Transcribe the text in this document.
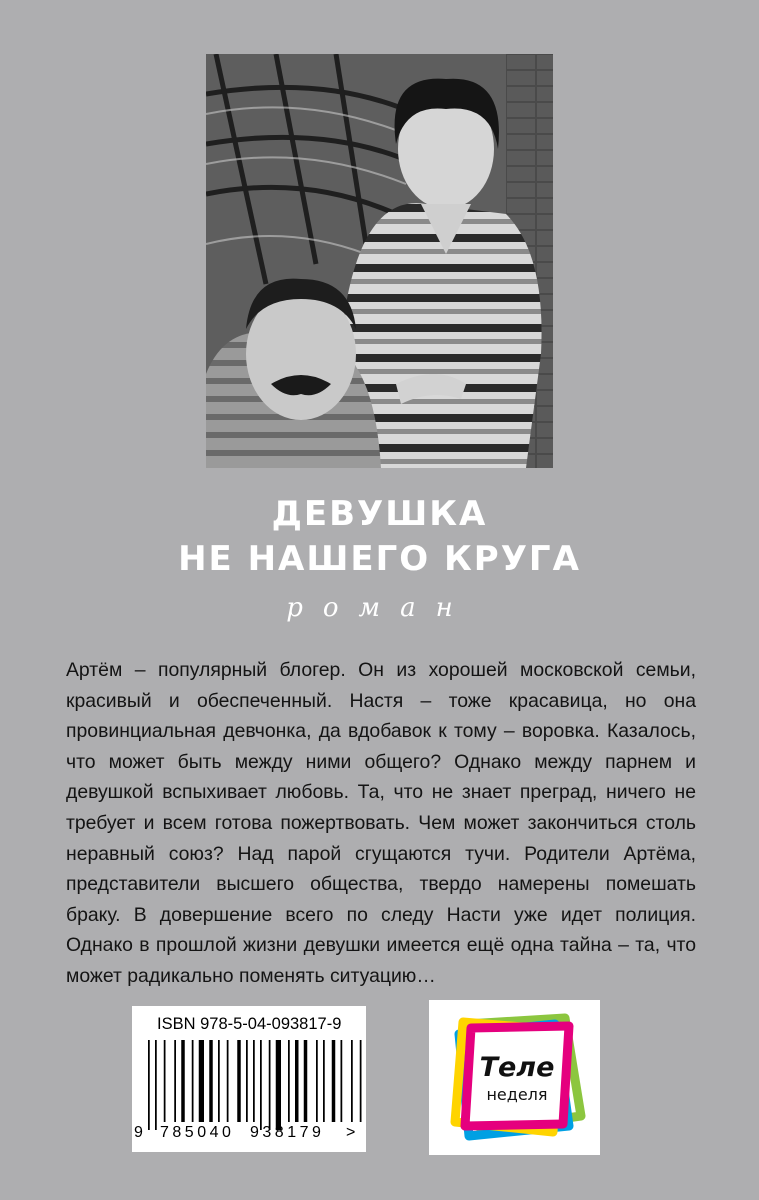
ДЕВУШКА
НЕ НАШЕГО КРУГА
роман

Артём – популярный блогер. Он из хорошей московской семьи, красивый и обеспеченный. Настя – тоже красавица, но она провинциальная девчонка, да вдобавок к тому – воровка. Казалось, что может быть между ними общего? Однако между парнем и девушкой вспыхивает любовь. Та, что не знает преград, ничего не требует и всем готова пожертвовать. Чем может закончиться столь неравный союз? Над парой сгущаются тучи. Родители Артёма, представители высшего общества, твердо намерены помешать браку. В довершение всего по следу Насти уже идет полиция. Однако в прошлой жизни девушки имеется ещё одна тайна – та, что может радикально поменять ситуацию…

ISBN 978-5-04-093817-9
9 785040 938179 >
Теле
неделя
